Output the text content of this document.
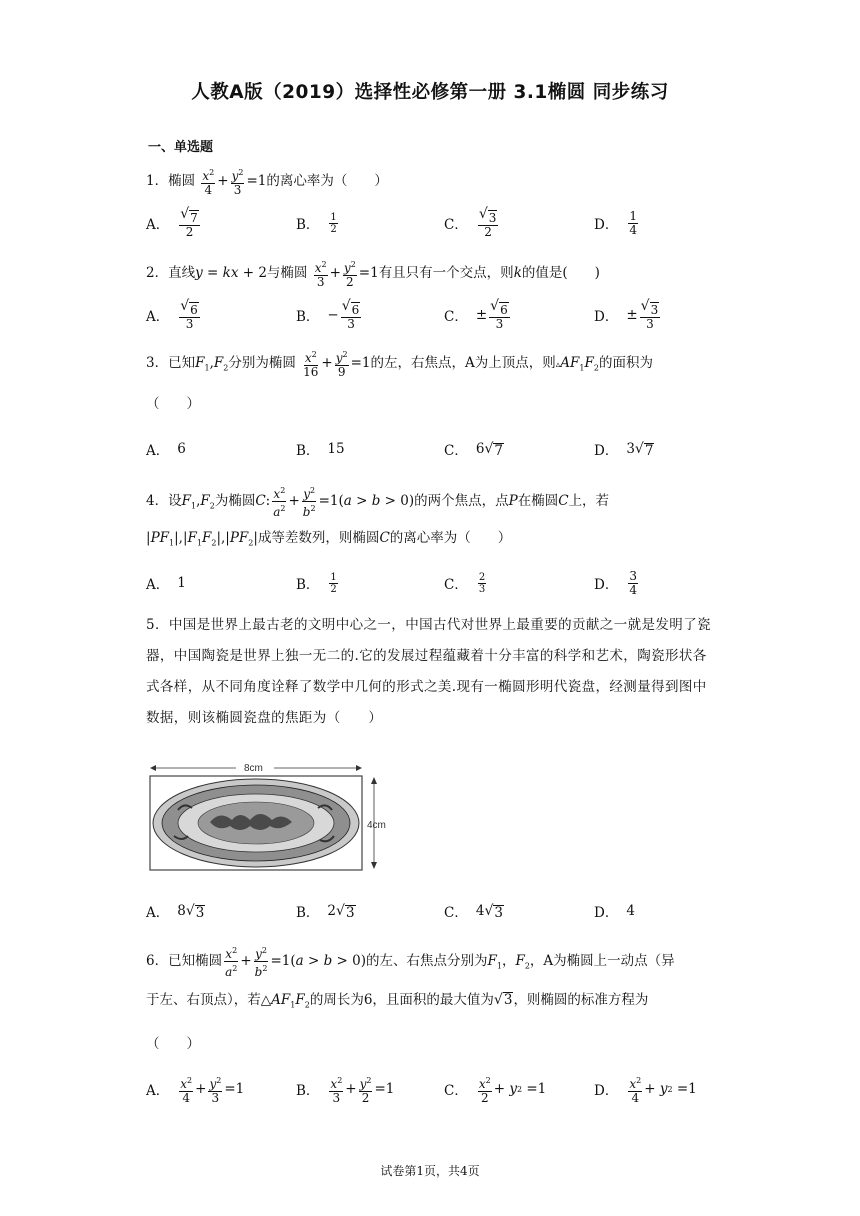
人教A版（2019）选择性必修第一册 3.1椭圆 同步练习
一、单选题
1．椭圆 $\frac{x^2}{4} + \frac{y^2}{3} =1$的离心率为（　　）
A． $\frac{√ 7}{2}$	B． $\frac{1}{2}$	C． $\frac{√ 3}{2}$	D． $\frac{1}{4}$
2．直线y = kx + 2与椭圆 $\frac{x^2}{3} + \frac{y^2}{2} =1$有且只有一个交点，则k的值是(　　)
A． $\frac{√ 6}{3}$	B． − $\frac{√ 6}{3}$	C． ± $\frac{√ 6}{3}$	D． ± $\frac{√ 3}{3}$
3．已知$F_1,F_2$分别为椭圆 $\frac{x^2}{16} + \frac{y^2}{9} =1$的左，右焦点，A为上顶点，则$▵AF_1F_2$的面积为
（　　）
A． 6	B． 15	C． 6 √ 7	D． 3 √ 7
4．设$F_1,F_2$为椭圆C: $\frac{x^2}{a^2} + \frac{y^2}{b^2} =1(a > b > 0)$的两个焦点，点P在椭圆C上，若
$|PF_1|,|F_1F_2|,|PF_2|$成等差数列，则椭圆C的离心率为（　　）
A． 1	B． $\frac{1}{2}$	C． $\frac{2}{3}$	D． $\frac{3}{4}$
5．中国是世界上最古老的文明中心之一，中国古代对世界上最重要的贡献之一就是发明了瓷器，中国陶瓷是世界上独一无二的.它的发展过程蕴藏着十分丰富的科学和艺术，陶瓷形状各式各样，从不同角度诠释了数学中几何的形式之美.现有一椭圆形明代瓷盘，经测量得到图中数据，则该椭圆瓷盘的焦距为（　　）
8cm
4cm
A． 8 √ 3	B． 2 √ 3	C． 4 √ 3	D． 4
6．已知椭圆 $\frac{x^2}{a^2} + \frac{y^2}{b^2} =1(a > b > 0)$的左、右焦点分别为$F_1$，$F_2$，A为椭圆上一动点（异
于左、右顶点），若$\triangle AF_1F_2$的周长为6，且面积的最大值为 √ 3 ，则椭圆的标准方程为
（　　）
A． $\frac{x^2}{4} + \frac{y^2}{3} =1$	B． $\frac{x^2}{3} + \frac{y^2}{2} =1$	C． $\frac{x^2}{2} + y$ 2 =1	D． $\frac{x^2}{4} + y$ 2 =1
试卷第1页，共4页
